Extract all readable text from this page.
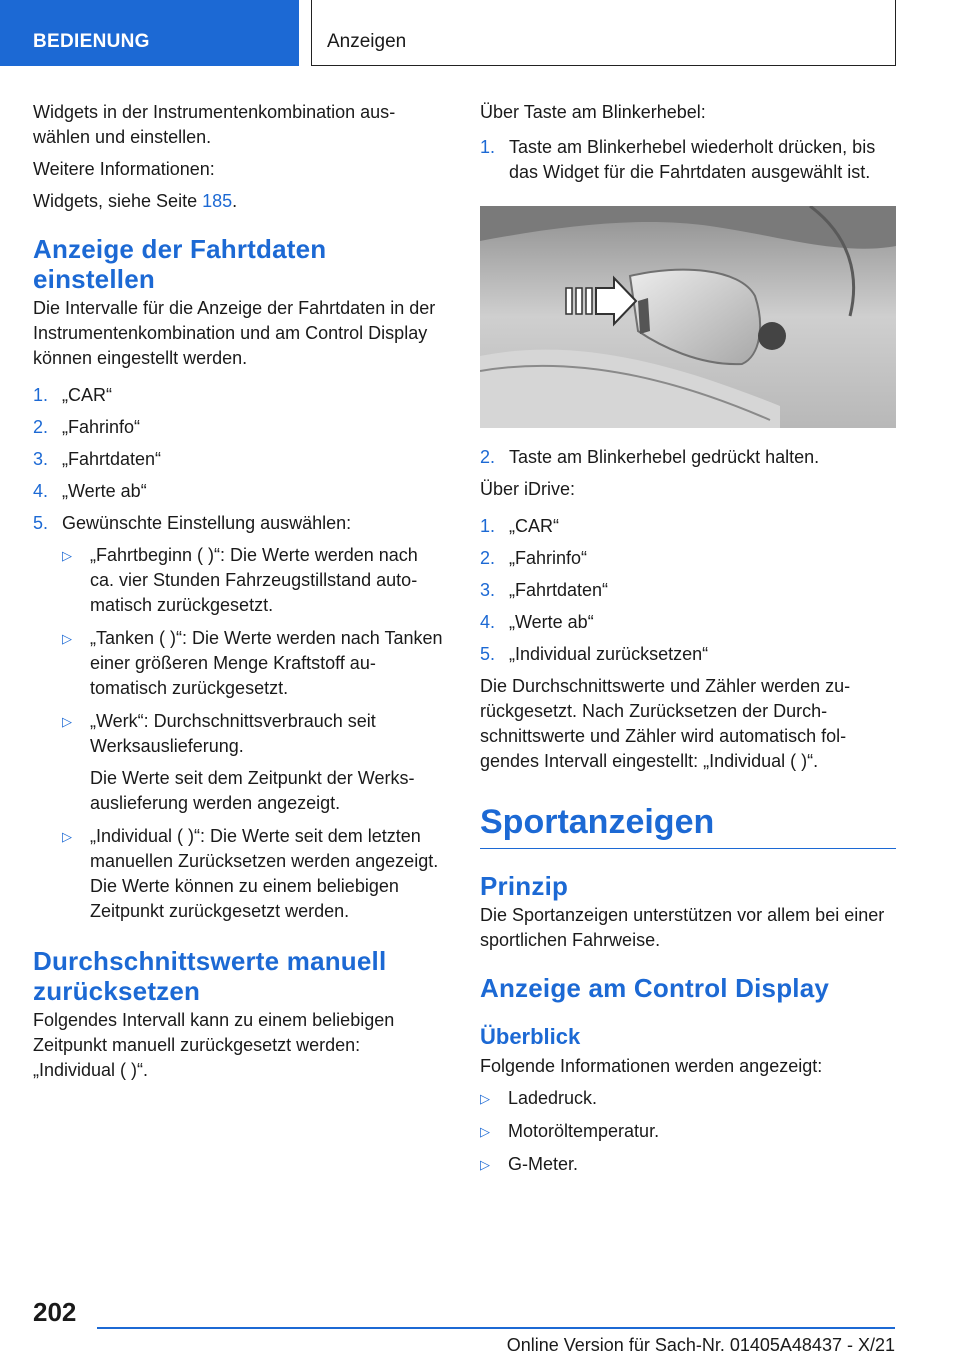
BEDIENUNG	Anzeigen

Widgets in der Instrumentenkombination auswählen und einstellen.

Weitere Informationen:

Widgets, siehe Seite 185.

Anzeige der Fahrtdaten einstellen

Die Intervalle für die Anzeige der Fahrtdaten in der Instrumentenkombination und am Control Display können eingestellt werden.

1. „CAR“
2. „Fahrinfo“
3. „Fahrtdaten“
4. „Werte ab“
5. Gewünschte Einstellung auswählen:
▷ „Fahrtbeginn ( )“: Die Werte werden nach ca. vier Stunden Fahrzeugstillstand automatisch zurückgesetzt.
▷ „Tanken ( )“: Die Werte werden nach Tanken einer größeren Menge Kraftstoff automatisch zurückgesetzt.
▷ „Werk“: Durchschnittsverbrauch seit Werksauslieferung.
Die Werte seit dem Zeitpunkt der Werksauslieferung werden angezeigt.
▷ „Individual ( )“: Die Werte seit dem letzten manuellen Zurücksetzen werden angezeigt. Die Werte können zu einem beliebigen Zeitpunkt zurückgesetzt werden.
Durchschnittswerte manuell zurücksetzen

Folgendes Intervall kann zu einem beliebigen Zeitpunkt manuell zurückgesetzt werden: „Individual ( )“.

Über Taste am Blinkerhebel:

1. Taste am Blinkerhebel wiederholt drücken, bis das Widget für die Fahrtdaten ausgewählt ist.
2. Taste am Blinkerhebel gedrückt halten.

Über iDrive:

1. „CAR“
2. „Fahrinfo“
3. „Fahrtdaten“
4. „Werte ab“
5. „Individual zurücksetzen“

Die Durchschnittswerte und Zähler werden zurückgesetzt. Nach Zurücksetzen der Durchschnittswerte und Zähler wird automatisch folgendes Intervall eingestellt: „Individual ( )“.

Sportanzeigen
Prinzip

Die Sportanzeigen unterstützen vor allem bei einer sportlichen Fahrweise.

Anzeige am Control Display
Überblick

Folgende Informationen werden angezeigt:

▷ Ladedruck.
▷ Motoröltemperatur.
▷ G-Meter.
202
Online Version für Sach-Nr. 01405A48437 - X/21
